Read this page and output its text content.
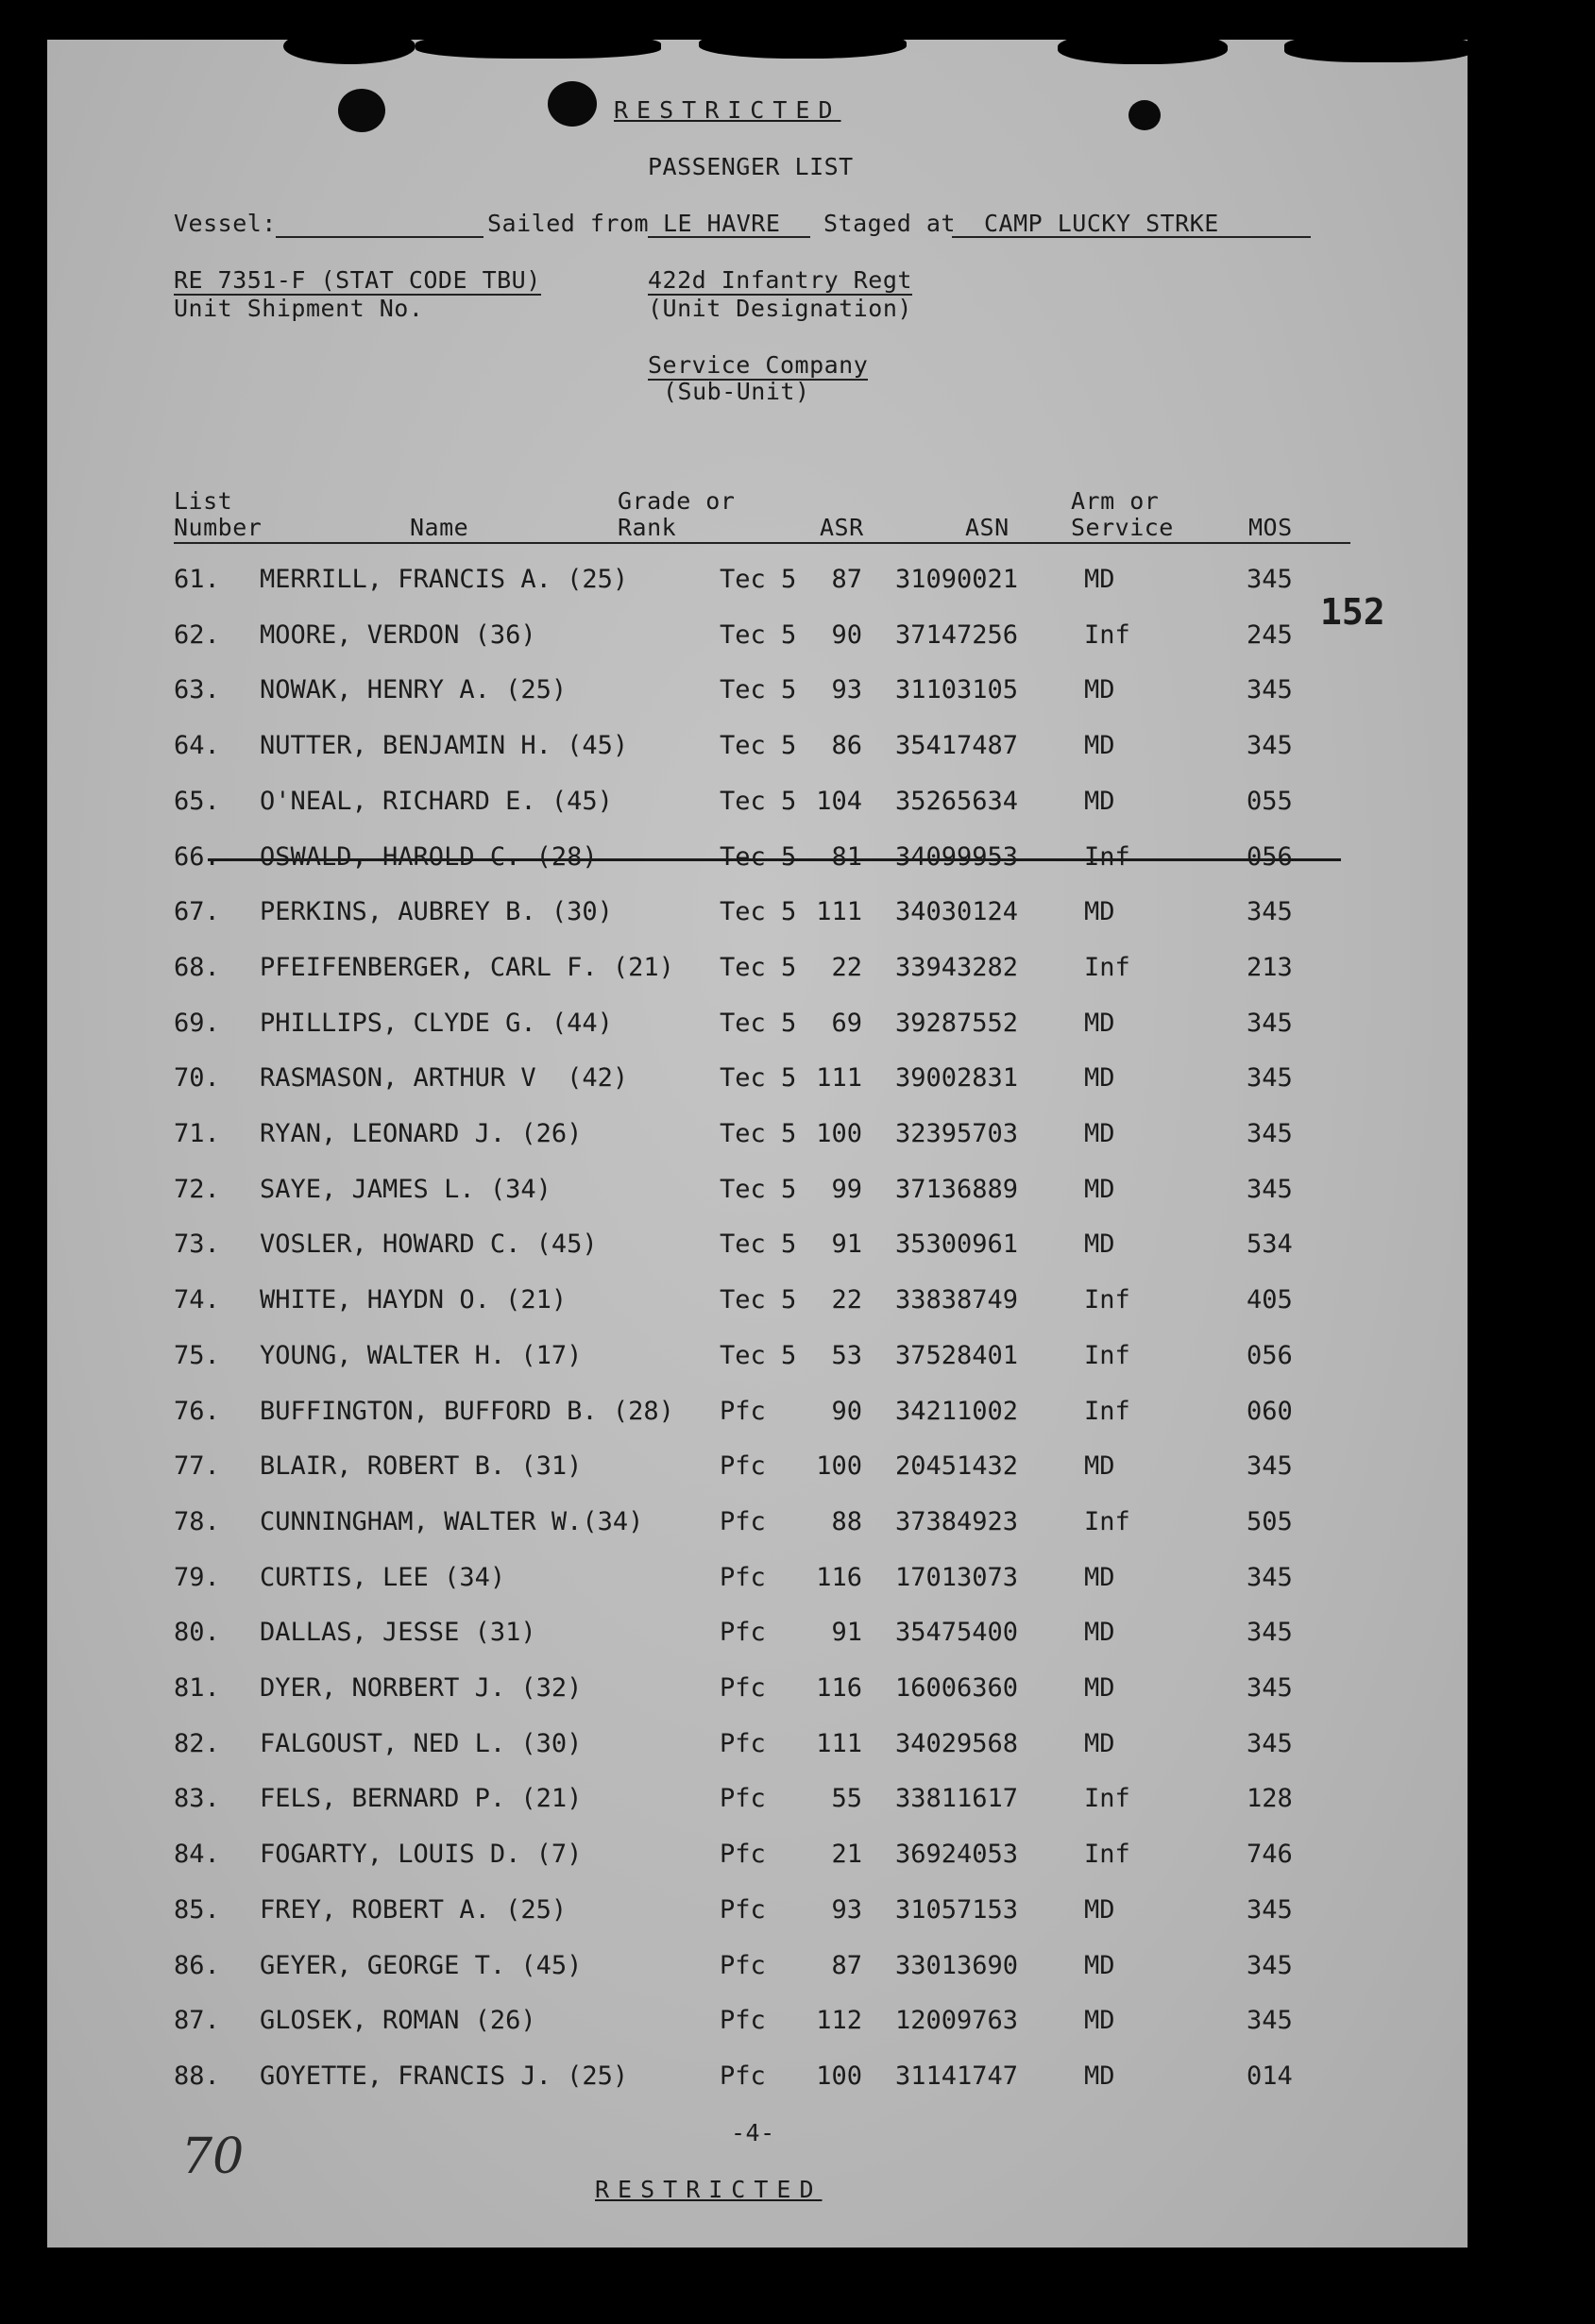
RESTRICTED
PASSENGER LIST
Vessel:	Sailed from LE HAVRE Staged at CAMP LUCKY STRKE
RE 7351-F (STAT CODE TBU)
Unit Shipment No.
422d Infantry Regt
(Unit Designation)
Service Company
(Sub-Unit)
List
Number	Name
Grade or
Rank	ASR	ASN
Arm or
Service	MOS
152
61. MERRILL, FRANCIS A. (25)	Tec 5 87 31090021	MD	345
62. MOORE, VERDON (36)	Tec 5 90 37147256	Inf	245
63. NOWAK, HENRY A. (25)	Tec 5 93 31103105	MD	345
64. NUTTER, BENJAMIN H. (45)	Tec 5 86 35417487	MD	345
65. O'NEAL, RICHARD E. (45)	Tec 5 104 35265634	MD	055
66. OSWALD, HAROLD C. (28)	Tec 5 81 34099953	Inf	056
67. PERKINS, AUBREY B. (30)	Tec 5 111 34030124	MD	345
68. PFEIFENBERGER, CARL F. (21) Tec 5 22 33943282	Inf	213
69. PHILLIPS, CLYDE G. (44)	Tec 5 69 39287552	MD	345
70. RASMASON, ARTHUR V  (42)	Tec 5 111 39002831	MD	345
71. RYAN, LEONARD J. (26)	Tec 5 100 32395703	MD	345
72. SAYE, JAMES L. (34)	Tec 5 99 37136889	MD	345
73. VOSLER, HOWARD C. (45)	Tec 5 91 35300961	MD	534
74. WHITE, HAYDN O. (21)	Tec 5 22 33838749	Inf	405
75. YOUNG, WALTER H. (17)	Tec 5 53 37528401	Inf	056
76. BUFFINGTON, BUFFORD B. (28) Pfc	90 34211002	Inf	060
77. BLAIR, ROBERT B. (31)	Pfc 100 20451432	MD	345
78. CUNNINGHAM, WALTER W.(34)	Pfc	88 37384923	Inf	505
79. CURTIS, LEE (34)	Pfc 116 17013073	MD	345
80. DALLAS, JESSE (31)	Pfc	91 35475400	MD	345
81. DYER, NORBERT J. (32)	Pfc 116 16006360	MD	345
82. FALGOUST, NED L. (30)	Pfc 111 34029568	MD	345
83. FELS, BERNARD P. (21)	Pfc	55 33811617	Inf	128
84. FOGARTY, LOUIS D. (7)	Pfc	21 36924053	Inf	746
85. FREY, ROBERT A. (25)	Pfc	93 31057153	MD	345
86. GEYER, GEORGE T. (45)	Pfc	87 33013690	MD	345
87. GLOSEK, ROMAN (26)	Pfc 112 12009763	MD	345
88. GOYETTE, FRANCIS J. (25)	Pfc 100 31141747	MD	014
70	-4-
RESTRICTED
